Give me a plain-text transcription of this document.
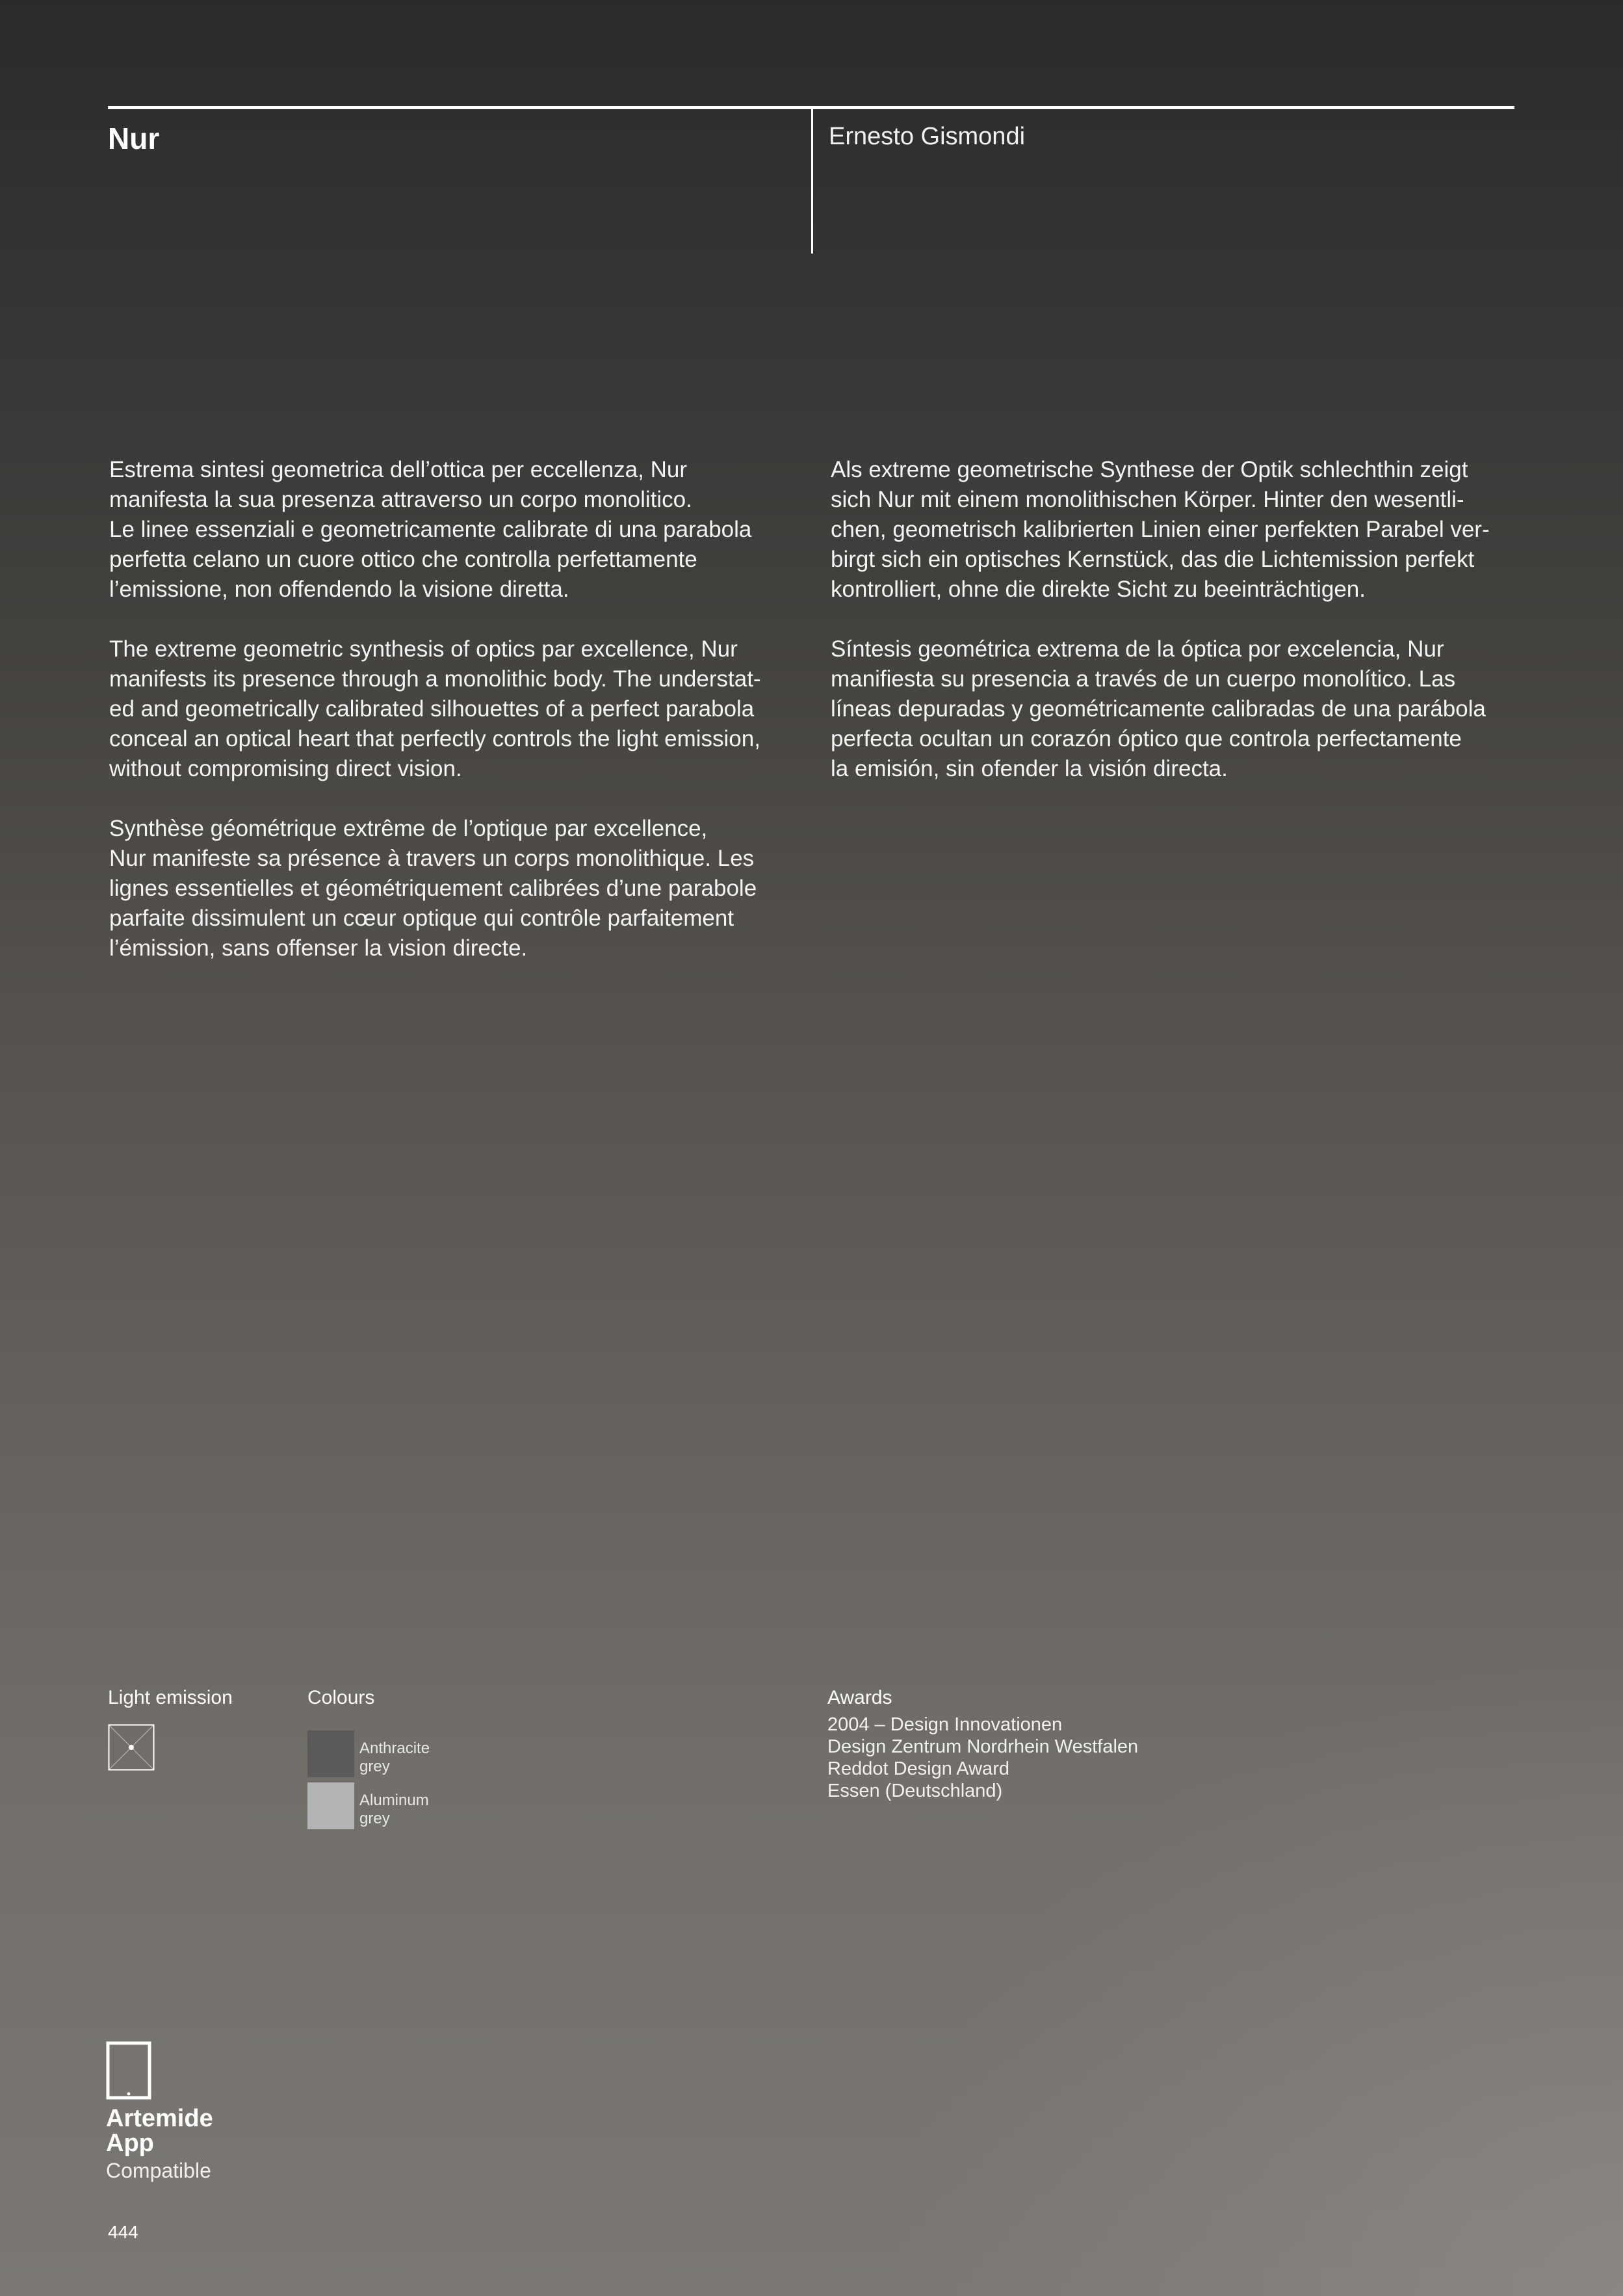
Nur	Ernesto Gismondi

Estrema sintesi geometrica dell’ottica per eccellenza, Nur
manifesta la sua presenza attraverso un corpo monolitico.
Le linee essenziali e geometricamente calibrate di una parabola
perfetta celano un cuore ottico che controlla perfettamente
l’emissione, non offendendo la visione diretta.

The extreme geometric synthesis of optics par excellence, Nur
manifests its presence through a monolithic body. The understat-
ed and geometrically calibrated silhouettes of a perfect parabola
conceal an optical heart that perfectly controls the light emission,
without compromising direct vision.

Synthèse géométrique extrême de l’optique par excellence,
Nur manifeste sa présence à travers un corps monolithique. Les
lignes essentielles et géométriquement calibrées d’une parabole
parfaite dissimulent un cœur optique qui contrôle parfaitement
l’émission, sans offenser la vision directe.

Als extreme geometrische Synthese der Optik schlechthin zeigt
sich Nur mit einem monolithischen Körper. Hinter den wesentli-
chen, geometrisch kalibrierten Linien einer perfekten Parabel ver-
birgt sich ein optisches Kernstück, das die Lichtemission perfekt
kontrolliert, ohne die direkte Sicht zu beeinträchtigen.

Síntesis geométrica extrema de la óptica por excelencia, Nur
manifiesta su presencia a través de un cuerpo monolítico. Las
líneas depuradas y geométricamente calibradas de una parábola
perfecta ocultan un corazón óptico que controla perfectamente
la emisión, sin ofender la visión directa.

Light emission	Colours
Anthracite
grey
Aluminum
grey
Awards
2004 – Design Innovationen
Design Zentrum Nordrhein Westfalen
Reddot Design Award
Essen (Deutschland)
Artemide
App
Compatible
444
